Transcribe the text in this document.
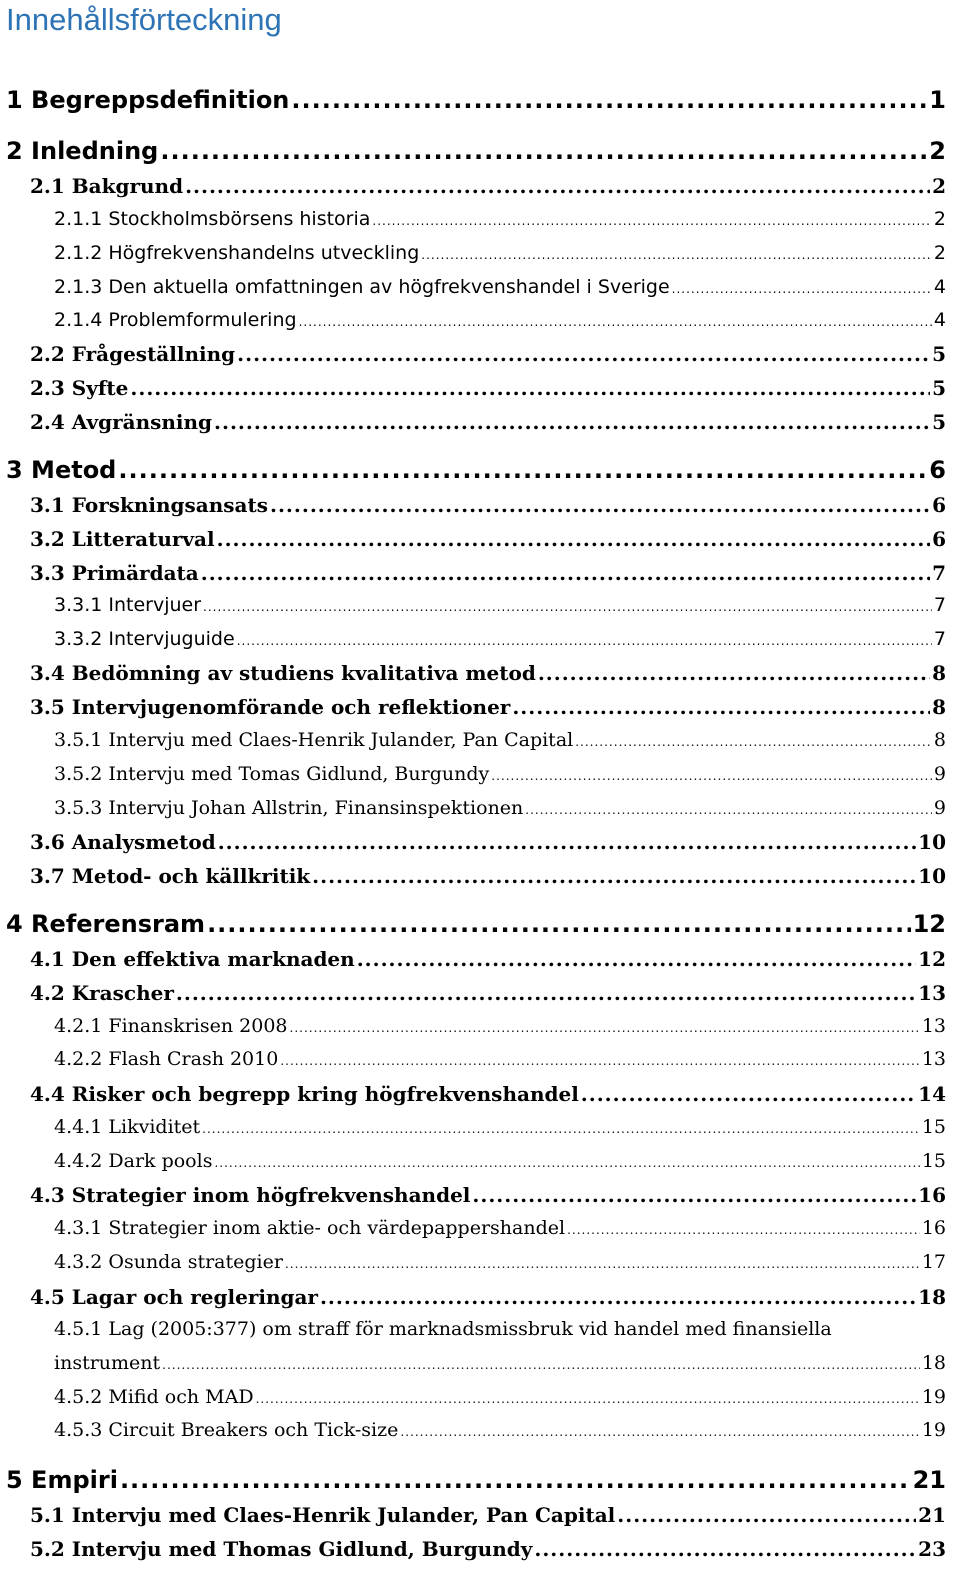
Innehållsförteckning
1 Begreppsdefinition .....	1
2 Inledning .....	2
2.1 Bakgrund .....	2
2.1.1 Stockholmsbörsens historia .....	2
2.1.2 Högfrekvenshandelns utveckling .....	2
2.1.3 Den aktuella omfattningen av högfrekvenshandel i Sverige .....	4
2.1.4 Problemformulering .....	4
2.2 Frågeställning .....	5
2.3 Syfte .....	5
2.4 Avgränsning .....	5
3 Metod .....	6
3.1 Forskningsansats .....	6
3.2 Litteraturval .....	6
3.3 Primärdata .....	7
3.3.1 Intervjuer .....	7
3.3.2 Intervjuguide .....	7
3.4 Bedömning av studiens kvalitativa metod .....	8
3.5 Intervjugenomförande och reflektioner .....	8
3.5.1 Intervju med Claes-Henrik Julander, Pan Capital .....	8
3.5.2 Intervju med Tomas Gidlund, Burgundy .....	9
3.5.3 Intervju Johan Allstrin, Finansinspektionen .....	9
3.6 Analysmetod .....	10
3.7 Metod- och källkritik .....	10
4 Referensram .....	12
4.1 Den effektiva marknaden .....	12
4.2 Krascher .....	13
4.2.1 Finanskrisen 2008 .....	13
4.2.2 Flash Crash 2010 .....	13
4.4 Risker och begrepp kring högfrekvenshandel .....	14
4.4.1 Likviditet .....	15
4.4.2 Dark pools .....	15
4.3 Strategier inom högfrekvenshandel .....	16
4.3.1 Strategier inom aktie- och värdepappershandel .....	16
4.3.2 Osunda strategier .....	17
4.5 Lagar och regleringar .....	18
4.5.1 Lag (2005:377) om straff för marknadsmissbruk vid handel med finansiella
instrument .....	18
4.5.2 Mifid och MAD .....	19
4.5.3 Circuit Breakers och Tick-size .....	19
5 Empiri .....	21
5.1 Intervju med Claes-Henrik Julander, Pan Capital .....	21
5.2 Intervju med Thomas Gidlund, Burgundy .....	23
